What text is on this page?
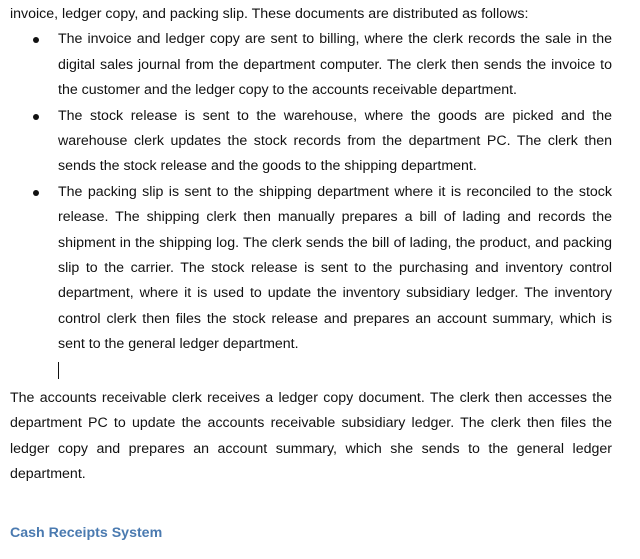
invoice, ledger copy, and packing slip. These documents are distributed as follows:

The invoice and ledger copy are sent to billing, where the clerk records the sale in the digital sales journal from the department computer. The clerk then sends the invoice to the customer and the ledger copy to the accounts receivable department.
The stock release is sent to the warehouse, where the goods are picked and the warehouse clerk updates the stock records from the department PC. The clerk then sends the stock release and the goods to the shipping department.
The packing slip is sent to the shipping department where it is reconciled to the stock release. The shipping clerk then manually prepares a bill of lading and records the shipment in the shipping log. The clerk sends the bill of lading, the product, and packing slip to the carrier. The stock release is sent to the purchasing and inventory control department, where it is used to update the inventory subsidiary ledger. The inventory control clerk then files the stock release and prepares an account summary, which is sent to the general ledger department.

The accounts receivable clerk receives a ledger copy document. The clerk then accesses the department PC to update the accounts receivable subsidiary ledger. The clerk then files the ledger copy and prepares an account summary, which she sends to the general ledger department.

Cash Receipts System
